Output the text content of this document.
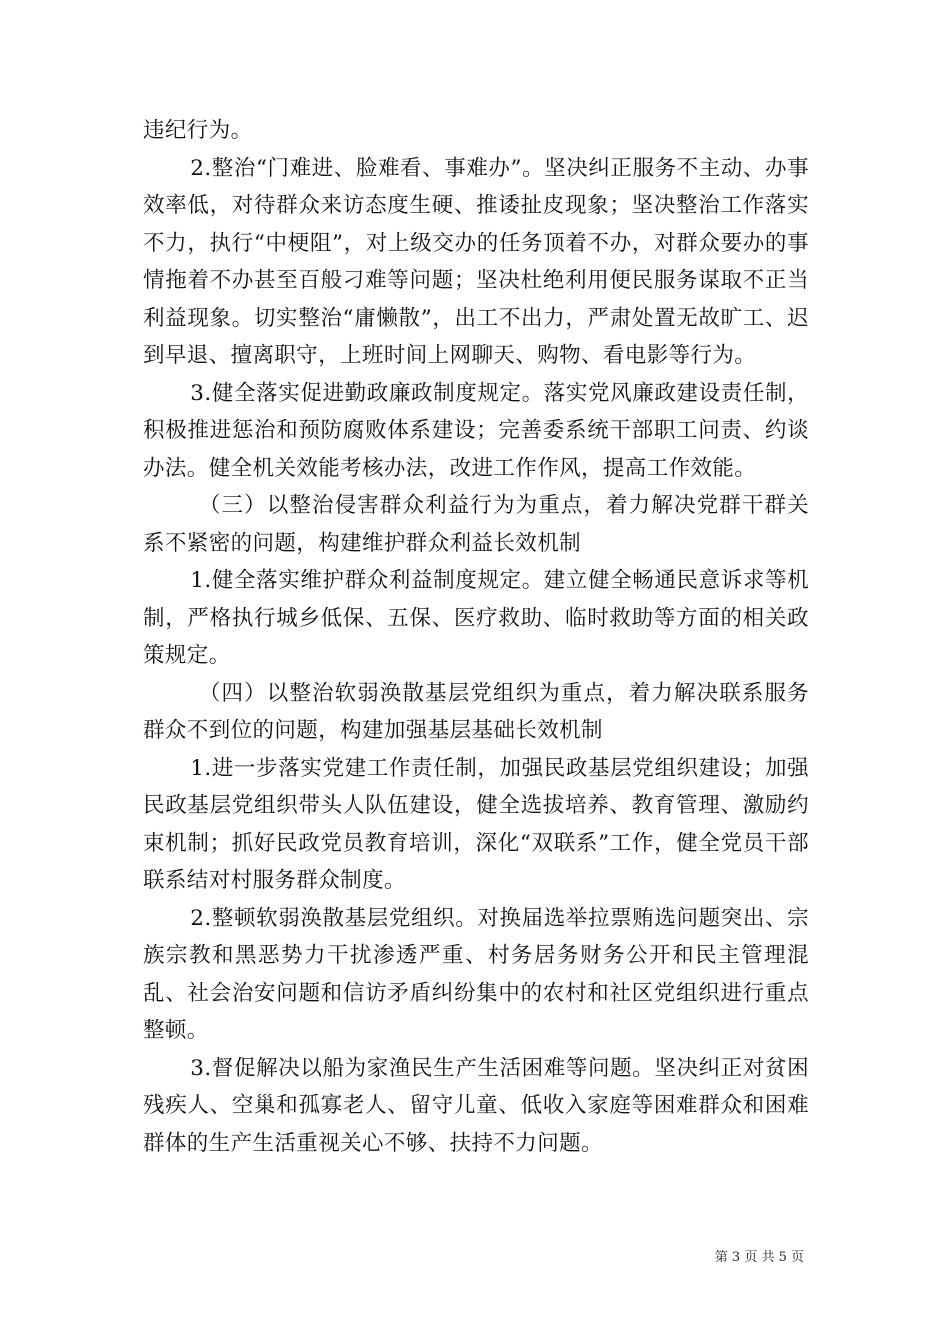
违纪行为。

2.整治“门难进、脸难看、事难办”。坚决纠正服务不主动、办事效率低，对待群众来访态度生硬、推诿扯皮现象；坚决整治工作落实不力，执行“中梗阻”，对上级交办的任务顶着不办，对群众要办的事情拖着不办甚至百般刁难等问题；坚决杜绝利用便民服务谋取不正当利益现象。切实整治“庸懒散”，出工不出力，严肃处置无故旷工、迟到早退、擅离职守，上班时间上网聊天、购物、看电影等行为。

3.健全落实促进勤政廉政制度规定。落实党风廉政建设责任制，积极推进惩治和预防腐败体系建设；完善委系统干部职工问责、约谈办法。健全机关效能考核办法，改进工作作风，提高工作效能。

（三）以整治侵害群众利益行为为重点，着力解决党群干群关系不紧密的问题，构建维护群众利益长效机制

1.健全落实维护群众利益制度规定。建立健全畅通民意诉求等机制，严格执行城乡低保、五保、医疗救助、临时救助等方面的相关政策规定。

（四）以整治软弱涣散基层党组织为重点，着力解决联系服务群众不到位的问题，构建加强基层基础长效机制

1.进一步落实党建工作责任制，加强民政基层党组织建设；加强民政基层党组织带头人队伍建设，健全选拔培养、教育管理、激励约束机制；抓好民政党员教育培训，深化“双联系”工作，健全党员干部联系结对村服务群众制度。

2.整顿软弱涣散基层党组织。对换届选举拉票贿选问题突出、宗族宗教和黑恶势力干扰渗透严重、村务居务财务公开和民主管理混乱、社会治安问题和信访矛盾纠纷集中的农村和社区党组织进行重点整顿。

3.督促解决以船为家渔民生产生活困难等问题。坚决纠正对贫困残疾人、空巢和孤寡老人、留守儿童、低收入家庭等困难群众和困难群体的生产生活重视关心不够、扶持不力问题。

第 3 页 共 5 页
